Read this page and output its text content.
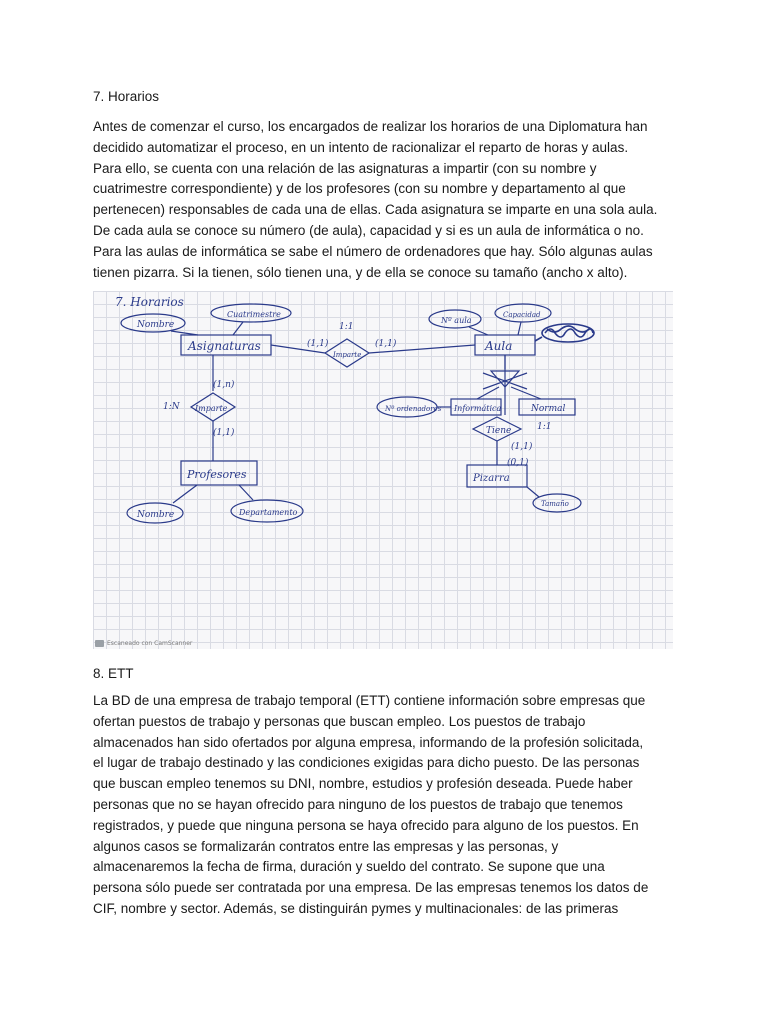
7. Horarios

Antes de comenzar el curso, los encargados de realizar los horarios de una Diplomatura han

decidido automatizar el proceso, en un intento de racionalizar el reparto de horas y aulas.

Para ello, se cuenta con una relación de las asignaturas a impartir (con su nombre y

cuatrimestre correspondiente) y de los profesores (con su nombre y departamento al que

pertenecen) responsables de cada una de ellas. Cada asignatura se imparte en una sola aula.

De cada aula se conoce su número (de aula), capacidad y si es un aula de informática o no.

Para las aulas de informática se sabe el número de ordenadores que hay. Sólo algunas aulas

tienen pizarra. Si la tienen, sólo tienen una, y de ella se conoce su tamaño (ancho x alto).

7. Horarios
Asignaturas
Nombre
Cuatrimestre
Imparte
1:1
(1,1)	(1,1)	Aula
Nº aula
Capacidad
Informática	Normal
Nº ordenadores
Tiene
(1,1)
(0,1)
1:1
Pizarra
Tamaño
(1,n)
Imparte
1:N
(1,1)
Profesores
Nombre	Departamento
Escaneado con CamScanner
8. ETT

La BD de una empresa de trabajo temporal (ETT) contiene información sobre empresas que

ofertan puestos de trabajo y personas que buscan empleo. Los puestos de trabajo

almacenados han sido ofertados por alguna empresa, informando de la profesión solicitada,

el lugar de trabajo destinado y las condiciones exigidas para dicho puesto. De las personas

que buscan empleo tenemos su DNI, nombre, estudios y profesión deseada. Puede haber

personas que no se hayan ofrecido para ninguno de los puestos de trabajo que tenemos

registrados, y puede que ninguna persona se haya ofrecido para alguno de los puestos. En

algunos casos se formalizarán contratos entre las empresas y las personas, y

almacenaremos la fecha de firma, duración y sueldo del contrato. Se supone que una

persona sólo puede ser contratada por una empresa. De las empresas tenemos los datos de

CIF, nombre y sector. Además, se distinguirán pymes y multinacionales: de las primeras
